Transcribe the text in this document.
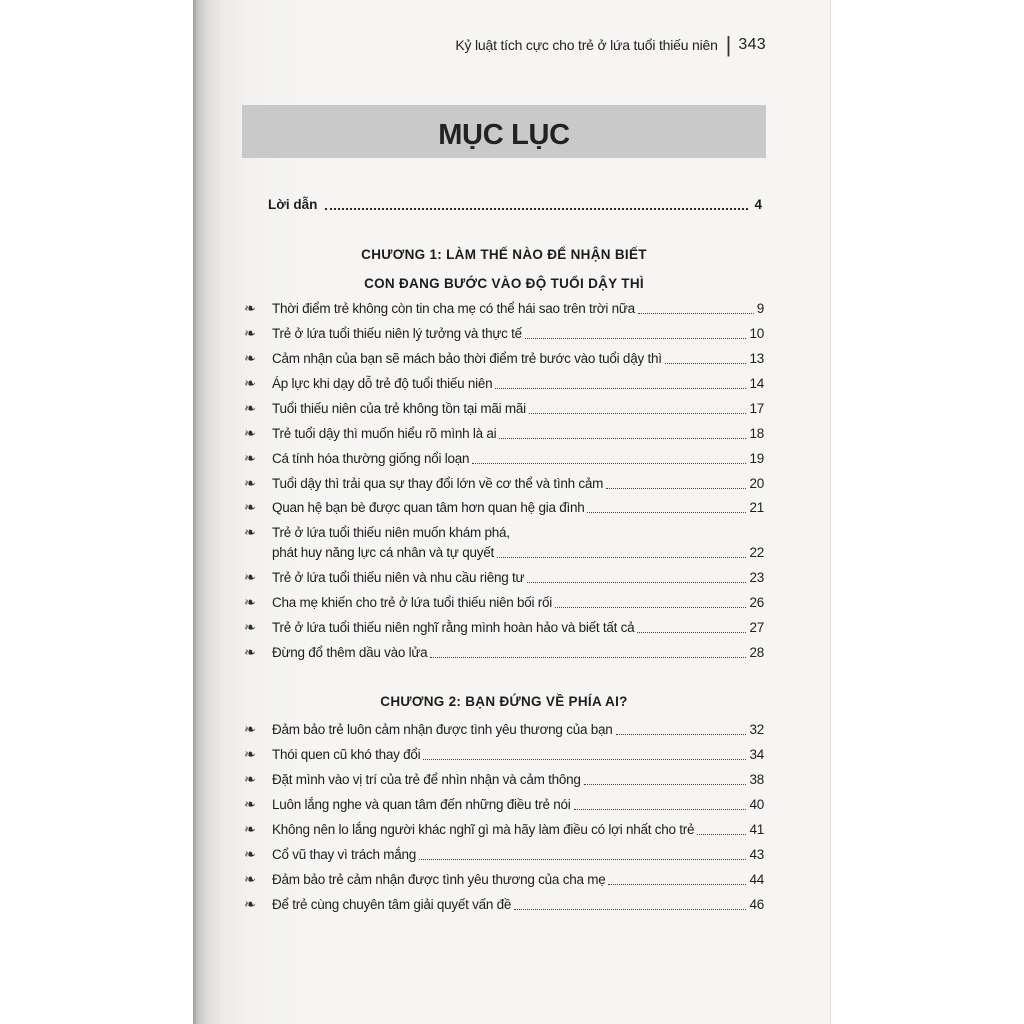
Kỷ luật tích cực cho trẻ ở lứa tuổi thiếu niên | 343
MỤC LỤC
Lời dẫn	4
CHƯƠNG 1: LÀM THẾ NÀO ĐỂ NHẬN BIẾT
CON ĐANG BƯỚC VÀO ĐỘ TUỔI DẬY THÌ
❧
Thời điểm trẻ không còn tin cha mẹ có thể hái sao trên trời nữa	9
❧
Trẻ ở lứa tuổi thiếu niên lý tưởng và thực tế	10
❧
Cảm nhận của bạn sẽ mách bảo thời điểm trẻ bước vào tuổi dậy thì	13
❧
Áp lực khi dạy dỗ trẻ độ tuổi thiếu niên	14
❧
Tuổi thiếu niên của trẻ không tồn tại mãi mãi	17
❧
Trẻ tuổi dậy thì muốn hiểu rõ mình là ai	18
❧
Cá tính hóa thường giống nổi loạn	19
❧
Tuổi dậy thì trải qua sự thay đổi lớn về cơ thể và tình cảm	20
❧
Quan hệ bạn bè được quan tâm hơn quan hệ gia đình	21
❧
Trẻ ở lứa tuổi thiếu niên muốn khám phá,
phát huy năng lực cá nhân và tự quyết	22
❧
Trẻ ở lứa tuổi thiếu niên và nhu cầu riêng tư	23
❧
Cha mẹ khiến cho trẻ ở lứa tuổi thiếu niên bối rối	26
❧
Trẻ ở lứa tuổi thiếu niên nghĩ rằng mình hoàn hảo và biết tất cả	27
❧
Đừng đổ thêm dầu vào lửa	28
CHƯƠNG 2: BẠN ĐỨNG VỀ PHÍA AI?
❧
Đảm bảo trẻ luôn cảm nhận được tình yêu thương của bạn	32
❧
Thói quen cũ khó thay đổi	34
❧
Đặt mình vào vị trí của trẻ để nhìn nhận và cảm thông	38
❧
Luôn lắng nghe và quan tâm đến những điều trẻ nói	40
❧
Không nên lo lắng người khác nghĩ gì mà hãy làm điều có lợi nhất cho trẻ	41
❧
Cổ vũ thay vì trách mắng	43
❧
Đảm bảo trẻ cảm nhận được tình yêu thương của cha mẹ	44
❧
Để trẻ cùng chuyên tâm giải quyết vấn đề	46
